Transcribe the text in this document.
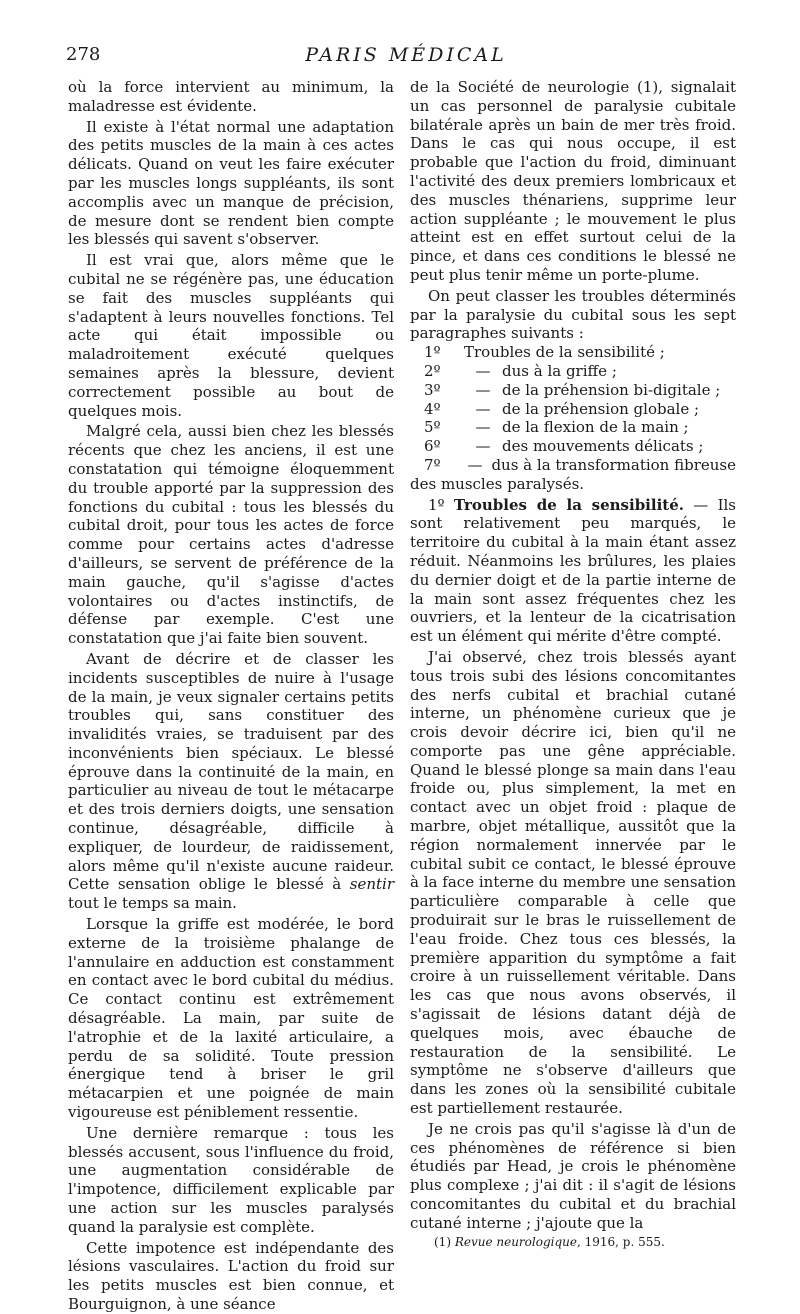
278	PARIS MÉDICAL

où la force intervient au minimum, la maladresse est évidente.

Il existe à l'état normal une adaptation des petits muscles de la main à ces actes délicats. Quand on veut les faire exécuter par les muscles longs suppléants, ils sont accomplis avec un manque de précision, de mesure dont se rendent bien compte les blessés qui savent s'observer.

Il est vrai que, alors même que le cubital ne se régénère pas, une éducation se fait des muscles suppléants qui s'adaptent à leurs nouvelles fonctions. Tel acte qui était impossible ou maladroitement exécuté quelques semaines après la blessure, devient correctement possible au bout de quelques mois.

Malgré cela, aussi bien chez les blessés récents que chez les anciens, il est une constatation qui témoigne éloquemment du trouble apporté par la suppression des fonctions du cubital : tous les blessés du cubital droit, pour tous les actes de force comme pour certains actes d'adresse d'ailleurs, se servent de préférence de la main gauche, qu'il s'agisse d'actes volontaires ou d'actes instinctifs, de défense par exemple. C'est une constatation que j'ai faite bien souvent.

Avant de décrire et de classer les incidents susceptibles de nuire à l'usage de la main, je veux signaler certains petits troubles qui, sans constituer des invalidités vraies, se traduisent par des inconvénients bien spéciaux. Le blessé éprouve dans la continuité de la main, en particulier au niveau de tout le métacarpe et des trois derniers doigts, une sensation continue, désagréable, difficile à expliquer, de lourdeur, de raidissement, alors même qu'il n'existe aucune raideur. Cette sensation oblige le blessé à sentir tout le temps sa main.

Lorsque la griffe est modérée, le bord externe de la troisième phalange de l'annulaire en adduction est constamment en contact avec le bord cubital du médius. Ce contact continu est extrêmement désagréable. La main, par suite de l'atrophie et de la laxité articulaire, a perdu de sa solidité. Toute pression énergique tend à briser le gril métacarpien et une poignée de main vigoureuse est péniblement ressentie.

Une dernière remarque : tous les blessés accusent, sous l'influence du froid, une augmentation considérable de l'impotence, difficilement explicable par une action sur les muscles paralysés quand la paralysie est complète.

Cette impotence est indépendante des lésions vasculaires. L'action du froid sur les petits muscles est bien connue, et Bourguignon, à une séance

de la Société de neurologie (1), signalait un cas personnel de paralysie cubitale bilatérale après un bain de mer très froid. Dans le cas qui nous occupe, il est probable que l'action du froid, diminuant l'activité des deux premiers lombricaux et des muscles thénariens, supprime leur action suppléante ; le mouvement le plus atteint est en effet surtout celui de la pince, et dans ces conditions le blessé ne peut plus tenir même un porte-plume.

On peut classer les troubles déterminés par la paralysie du cubital sous les sept paragraphes suivants :

1º	Troubles de la sensibilité ;
2º	— dus à la griffe ;
3º	— de la préhension bi-digitale ;
4º	— de la préhension globale ;
5º	— de la flexion de la main ;
6º	— des mouvements délicats ;
7º	— dus à la transformation fibreuse

des muscles paralysés.

1º Troubles de la sensibilité. — Ils sont relativement peu marqués, le territoire du cubital à la main étant assez réduit. Néanmoins les brûlures, les plaies du dernier doigt et de la partie interne de la main sont assez fréquentes chez les ouvriers, et la lenteur de la cicatrisation est un élément qui mérite d'être compté.

J'ai observé, chez trois blessés ayant tous trois subi des lésions concomitantes des nerfs cubital et brachial cutané interne, un phénomène curieux que je crois devoir décrire ici, bien qu'il ne comporte pas une gêne appréciable. Quand le blessé plonge sa main dans l'eau froide ou, plus simplement, la met en contact avec un objet froid : plaque de marbre, objet métallique, aussitôt que la région normalement innervée par le cubital subit ce contact, le blessé éprouve à la face interne du membre une sensation particulière comparable à celle que produirait sur le bras le ruissellement de l'eau froide. Chez tous ces blessés, la première apparition du symptôme a fait croire à un ruissellement véritable. Dans les cas que nous avons observés, il s'agissait de lésions datant déjà de quelques mois, avec ébauche de restauration de la sensibilité. Le symptôme ne s'observe d'ailleurs que dans les zones où la sensibilité cubitale est partiellement restaurée.

Je ne crois pas qu'il s'agisse là d'un de ces phénomènes de référence si bien étudiés par Head, je crois le phénomène plus complexe ; j'ai dit : il s'agit de lésions concomitantes du cubital et du brachial cutané interne ; j'ajoute que la

(1) Revue neurologique, 1916, p. 555.
